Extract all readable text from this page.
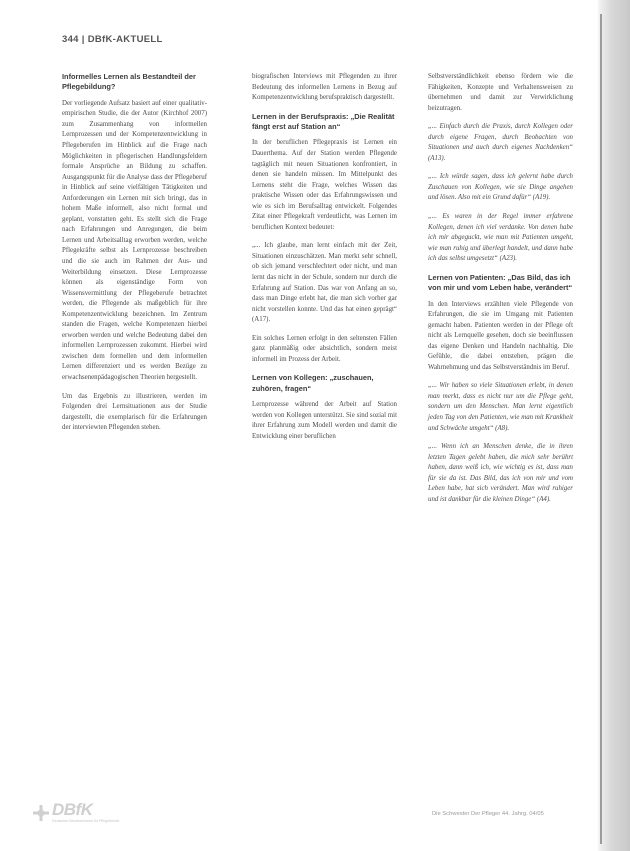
344 | DBfK-AKTUELL
Informelles Lernen als Bestandteil der Pflegebildung?

Der vorliegende Aufsatz basiert auf einer qualitativ-empirischen Studie, die der Autor (Kirchhof 2007) zum Zusammenhang von informellen Lernprozessen und der Kompetenzentwicklung in Pflegeberufen im Hinblick auf die Frage nach Möglichkeiten in pflegerischen Handlungsfeldern formale Ansprüche an Bildung zu schaffen. Ausgangspunkt für die Analyse dass der Pflegeberuf in Hinblick auf seine vielfältigen Tätigkeiten und Anforderungen ein Lernen mit sich bringt, das in hohem Maße informell, also nicht formal und geplant, vonstatten geht. Es stellt sich die Frage nach Erfahrungen und Anregungen, die beim Lernen und Arbeitsalltag erworben werden, welche Pflegekräfte selbst als Lernprozesse beschreiben und die sie auch im Rahmen der Aus- und Weiterbildung einsetzen. Diese Lernprozesse können als eigenständige Form von Wissensvermittlung der Pflegeberufe betrachtet werden, die Pflegende als maßgeblich für ihre Kompetenzentwicklung bezeichnen. Im Zentrum standen die Fragen, welche Kompetenzen hierbei erworben werden und welche Bedeutung dabei den informellen Lernprozessen zukommt. Hierbei wird zwischen dem formellen und dem informellen Lernen differenziert und es werden Bezüge zu erwachsenenpädagogischen Theorien hergestellt.

Um das Ergebnis zu illustrieren, werden im Folgenden drei Lernsituationen aus der Studie dargestellt, die exemplarisch für die Erfahrungen der interviewten Pflegenden stehen.

biografischen Interviews mit Pflegenden zu ihrer Bedeutung des informellen Lernens in Bezug auf Kompetenzentwicklung berufspraktisch dargestellt.

Lernen in der Berufspraxis: „Die Realität fängt erst auf Station an“

In der beruflichen Pflegepraxis ist Lernen ein Dauerthema. Auf der Station werden Pflegende tagtäglich mit neuen Situationen konfrontiert, in denen sie handeln müssen. Im Mittelpunkt des Lernens steht die Frage, welches Wissen das praktische Wissen oder das Erfahrungswissen und wie es sich im Berufsalltag entwickelt. Folgendes Zitat einer Pflegekraft verdeutlicht, was Lernen im beruflichen Kontext bedeutet:

„... Ich glaube, man lernt einfach mit der Zeit, Situationen einzuschätzen. Man merkt sehr schnell, ob sich jemand verschlechtert oder nicht, und man lernt das nicht in der Schule, sondern nur durch die Erfahrung auf Station. Das war von Anfang an so, dass man Dinge erlebt hat, die man sich vorher gar nicht vorstellen konnte. Und das hat einen geprägt“ (A17).

Ein solches Lernen erfolgt in den seltensten Fällen ganz planmäßig oder absichtlich, sondern meist informell im Prozess der Arbeit.

Lernen von Kollegen: „zuschauen, zuhören, fragen“

Lernprozesse während der Arbeit auf Station werden von Kollegen unterstützt. Sie sind sozial mit ihrer Erfahrung zum Modell werden und damit die Entwicklung einer beruflichen

Selbstverständlichkeit ebenso fördern wie die Fähigkeiten, Konzepte und Verhaltensweisen zu übernehmen und damit zur Verwirklichung beizutragen.

„... Einfach durch die Praxis, durch Kollegen oder durch eigene Fragen, durch Beobachten von Situationen und auch durch eigenes Nachdenken“ (A13).

„... Ich würde sagen, dass ich gelernt habe durch Zuschauen von Kollegen, wie sie Dinge angehen und lösen. Also mit ein Grund dafür“ (A19).

„... Es waren in der Regel immer erfahrene Kollegen, denen ich viel verdanke. Von denen habe ich mir abgeguckt, wie man mit Patienten umgeht, wie man ruhig und überlegt handelt, und dann habe ich das selbst umgesetzt“ (A23).

Lernen von Patienten: „Das Bild, das ich von mir und vom Leben habe, verändert“

In den Interviews erzählten viele Pflegende von Erfahrungen, die sie im Umgang mit Patienten gemacht haben. Patienten werden in der Pflege oft nicht als Lernquelle gesehen, doch sie beeinflussen das eigene Denken und Handeln nachhaltig. Die Gefühle, die dabei entstehen, prägen die Wahrnehmung und das Selbstverständnis im Beruf.

„... Wir haben so viele Situationen erlebt, in denen man merkt, dass es nicht nur um die Pflege geht, sondern um den Menschen. Man lernt eigentlich jeden Tag von den Patienten, wie man mit Krankheit und Schwäche umgeht“ (A8).

„... Wenn ich an Menschen denke, die in ihren letzten Tagen gelebt haben, die mich sehr berührt haben, dann weiß ich, wie wichtig es ist, dass man für sie da ist. Das Bild, das ich von mir und vom Leben habe, hat sich verändert. Man wird ruhiger und ist dankbar für die kleinen Dinge“ (A4).

DBfK
Deutscher Berufsverband für Pflegeberufe
Die Schwester Der Pfleger 44. Jahrg. 04/05
